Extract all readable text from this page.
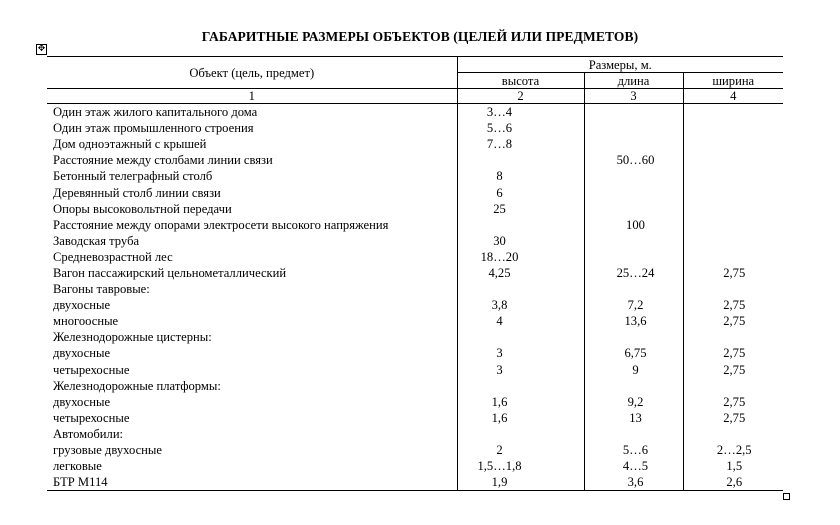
ГАБАРИТНЫЕ РАЗМЕРЫ ОБЪЕКТОВ (ЦЕЛЕЙ ИЛИ ПРЕДМЕТОВ)
✥
Объект (цель, предмет)	Размеры, м.		
	высота	длина	ширина
1	2	3	4
Один этаж жилого капитального дома	3…4		
Один этаж промышленного строения	5…6		
Дом одноэтажный с крышей	7…8		
Расстояние между столбами линии связи		50…60	
Бетонный телеграфный столб	8		
Деревянный столб линии связи	6		
Опоры высоковольтной передачи	25		
Расстояние между опорами электросети высокого напряжения		100	
Заводская труба	30		
Средневозрастной лес	18…20		
Вагон пассажирский цельнометаллический	4,25	25…24	2,75
Вагоны тавровые:			
двухосные	3,8	7,2	2,75
многоосные	4	13,6	2,75
Железнодорожные цистерны:			
двухосные	3	6,75	2,75
четырехосные	3	9	2,75
Железнодорожные платформы:			
двухосные	1,6	9,2	2,75
четырехосные	1,6	13	2,75
Автомобили:			
грузовые двухосные	2	5…6	2…2,5
легковые	1,5…1,8	4…5	1,5
БТР М114	1,9	3,6	2,6
